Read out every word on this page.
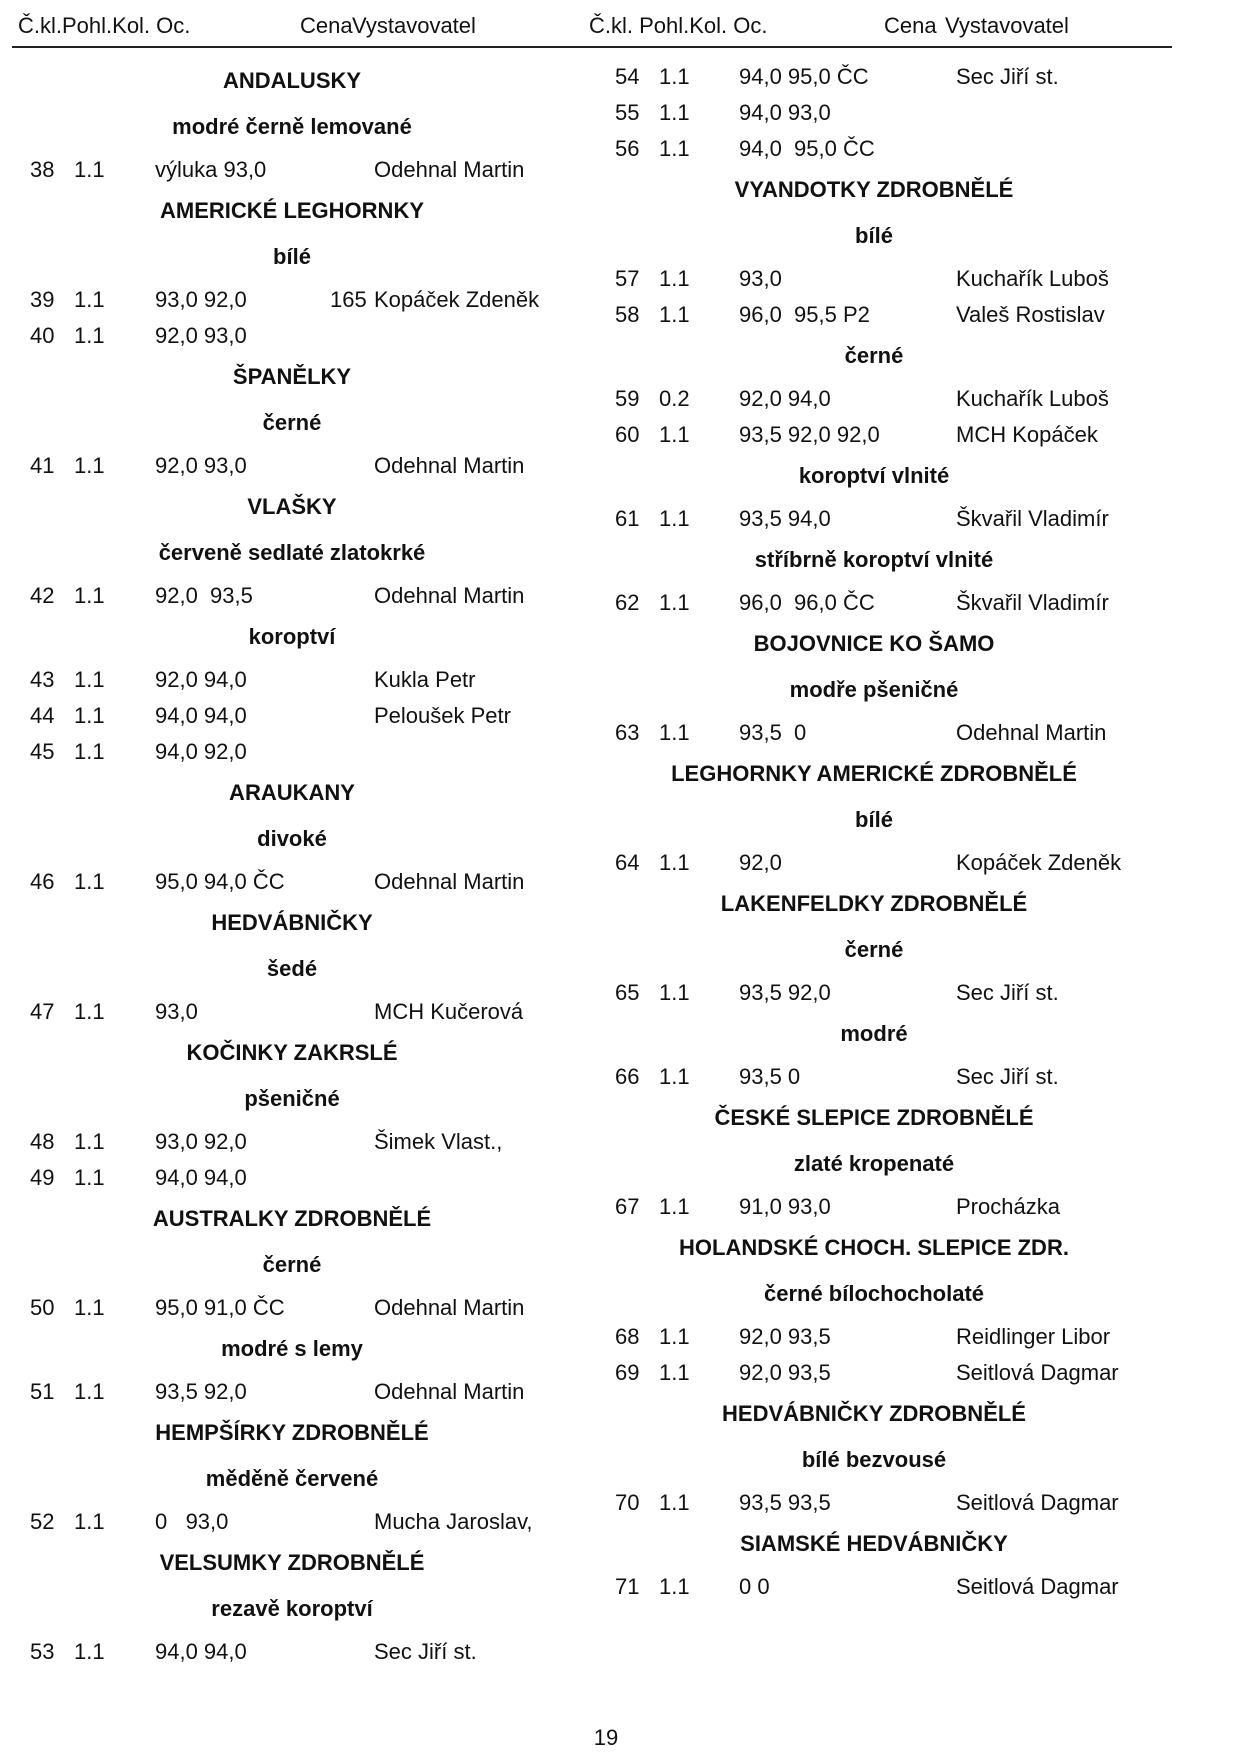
Č.kl.Pohl.Kol. Oc.	Cena Vystavovatel	Č.kl. Pohl.Kol. Oc.	Cena Vystavovatel
ANDALUSKY
modré černě lemované
38 1.1 výluka 93,0	Odehnal Martin
AMERICKÉ LEGHORNKY
bílé
39 1.1 93,0 92,0	165 Kopáček Zdeněk
40 1.1 92,0 93,0
ŠPANĚLKY
černé
41 1.1 92,0 93,0	Odehnal Martin
VLAŠKY
červeně sedlaté zlatokrké
42 1.1 92,0  93,5	Odehnal Martin
koroptví
43 1.1 92,0 94,0	Kukla Petr
44 1.1 94,0 94,0	Peloušek Petr
45 1.1 94,0 92,0
ARAUKANY
divoké
46 1.1 95,0 94,0 ČC	Odehnal Martin
HEDVÁBNIČKY
šedé
47 1.1 93,0	MCH Kučerová
KOČINKY ZAKRSLÉ
pšeničné
48 1.1 93,0 92,0	Šimek Vlast.,
49 1.1 94,0 94,0
AUSTRALKY ZDROBNĚLÉ
černé
50 1.1 95,0 91,0 ČC	Odehnal Martin
modré s lemy
51 1.1 93,5 92,0	Odehnal Martin
HEMPŠÍRKY ZDROBNĚLÉ
měděně červené
52 1.1 0   93,0	Mucha Jaroslav,
VELSUMKY ZDROBNĚLÉ
rezavě koroptví
53 1.1 94,0 94,0	Sec Jiří st.
54 1.1 94,0 95,0 ČC	Sec Jiří st.
55 1.1 94,0 93,0
56 1.1 94,0  95,0 ČC
VYANDOTKY ZDROBNĚLÉ
bílé
57 1.1 93,0	Kuchařík Luboš
58 1.1 96,0  95,5 P2	Valeš Rostislav
černé
59 0.2 92,0 94,0	Kuchařík Luboš
60 1.1 93,5 92,0 92,0	MCH Kopáček
koroptví vlnité
61 1.1 93,5 94,0	Škvařil Vladimír
stříbrně koroptví vlnité
62 1.1 96,0  96,0 ČC	Škvařil Vladimír
BOJOVNICE KO ŠAMO
modře pšeničné
63 1.1 93,5  0	Odehnal Martin
LEGHORNKY AMERICKÉ ZDROBNĚLÉ
bílé
64 1.1 92,0	Kopáček Zdeněk
LAKENFELDKY ZDROBNĚLÉ
černé
65 1.1 93,5 92,0	Sec Jiří st.
modré
66 1.1 93,5 0	Sec Jiří st.
ČESKÉ SLEPICE ZDROBNĚLÉ
zlaté kropenaté
67 1.1 91,0 93,0	Procházka
HOLANDSKÉ CHOCH. SLEPICE ZDR.
černé bílochocholaté
68 1.1 92,0 93,5	Reidlinger Libor
69 1.1 92,0 93,5	Seitlová Dagmar
HEDVÁBNIČKY ZDROBNĚLÉ
bílé bezvousé
70 1.1 93,5 93,5	Seitlová Dagmar
SIAMSKÉ HEDVÁBNIČKY
71 1.1 0 0	Seitlová Dagmar
19
